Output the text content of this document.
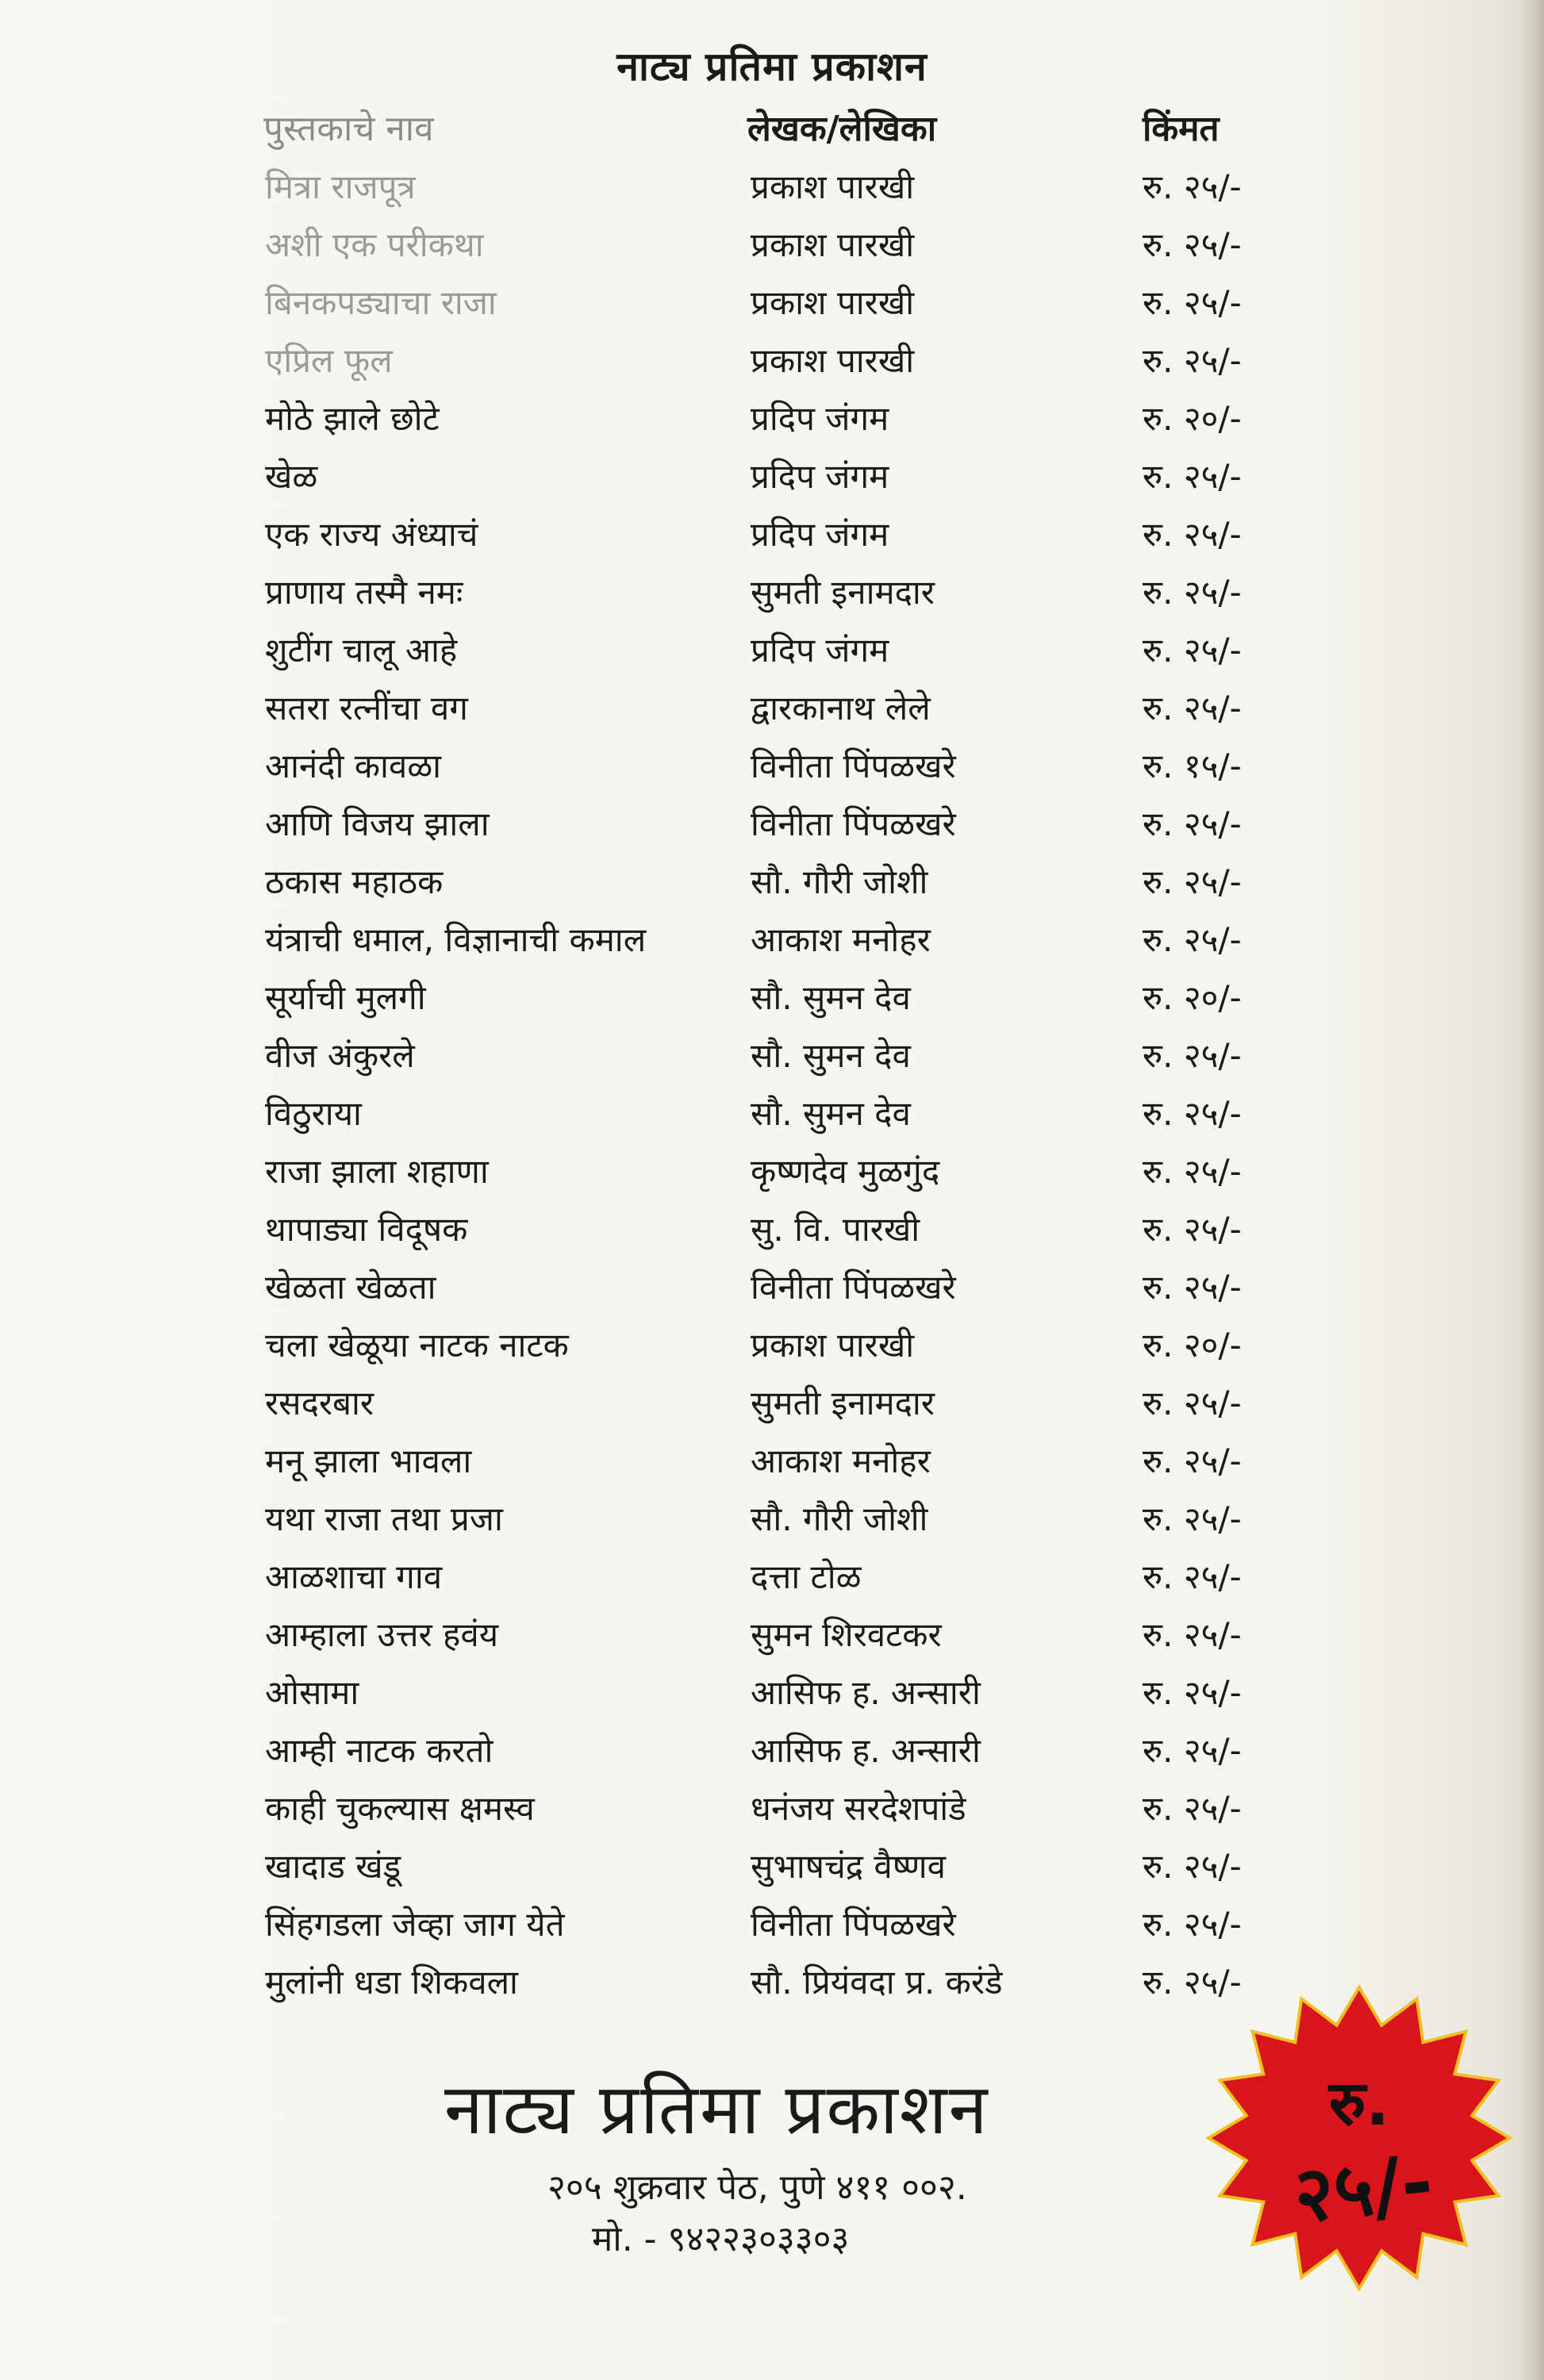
नाट्य प्रतिमा प्रकाशन
पुस्तकाचे नाव	लेखक/लेखिका	किंमत
मित्रा राजपूत्र	प्रकाश पारखी	रु. २५/-
अशी एक परीकथा	प्रकाश पारखी	रु. २५/-
बिनकपड्याचा राजा	प्रकाश पारखी	रु. २५/-
एप्रिल फूल	प्रकाश पारखी	रु. २५/-
मोठे झाले छोटे	प्रदिप जंगम	रु. २०/-
खेळ	प्रदिप जंगम	रु. २५/-
एक राज्य अंध्याचं	प्रदिप जंगम	रु. २५/-
प्राणाय तस्मै नमः	सुमती इनामदार	रु. २५/-
शुटींग चालू आहे	प्रदिप जंगम	रु. २५/-
सतरा रत्नींचा वग	द्वारकानाथ लेले	रु. २५/-
आनंदी कावळा	विनीता पिंपळखरे	रु. १५/-
आणि विजय झाला	विनीता पिंपळखरे	रु. २५/-
ठकास महाठक	सौ. गौरी जोशी	रु. २५/-
यंत्राची धमाल, विज्ञानाची कमाल	आकाश मनोहर	रु. २५/-
सूर्याची मुलगी	सौ. सुमन देव	रु. २०/-
वीज अंकुरले	सौ. सुमन देव	रु. २५/-
विठुराया	सौ. सुमन देव	रु. २५/-
राजा झाला शहाणा	कृष्णदेव मुळगुंद	रु. २५/-
थापाड्या विदूषक	सु. वि. पारखी	रु. २५/-
खेळता खेळता	विनीता पिंपळखरे	रु. २५/-
चला खेळूया नाटक नाटक	प्रकाश पारखी	रु. २०/-
रसदरबार	सुमती इनामदार	रु. २५/-
मनू झाला भावला	आकाश मनोहर	रु. २५/-
यथा राजा तथा प्रजा	सौ. गौरी जोशी	रु. २५/-
आळशाचा गाव	दत्ता टोळ	रु. २५/-
आम्हाला उत्तर हवंय	सुमन शिरवटकर	रु. २५/-
ओसामा	आसिफ ह. अन्सारी	रु. २५/-
आम्ही नाटक करतो	आसिफ ह. अन्सारी	रु. २५/-
काही चुकल्यास क्षमस्व	धनंजय सरदेशपांडे	रु. २५/-
खादाड खंडू	सुभाषचंद्र वैष्णव	रु. २५/-
सिंहगडला जेव्हा जाग येते	विनीता पिंपळखरे	रु. २५/-
मुलांनी धडा शिकवला	सौ. प्रियंवदा प्र. करंडे	रु. २५/-
नाट्य प्रतिमा प्रकाशन
२०५ शुक्रवार पेठ, पुणे ४११ ००२.
मो. - ९४२२३०३३०३
रु.
२५/-
